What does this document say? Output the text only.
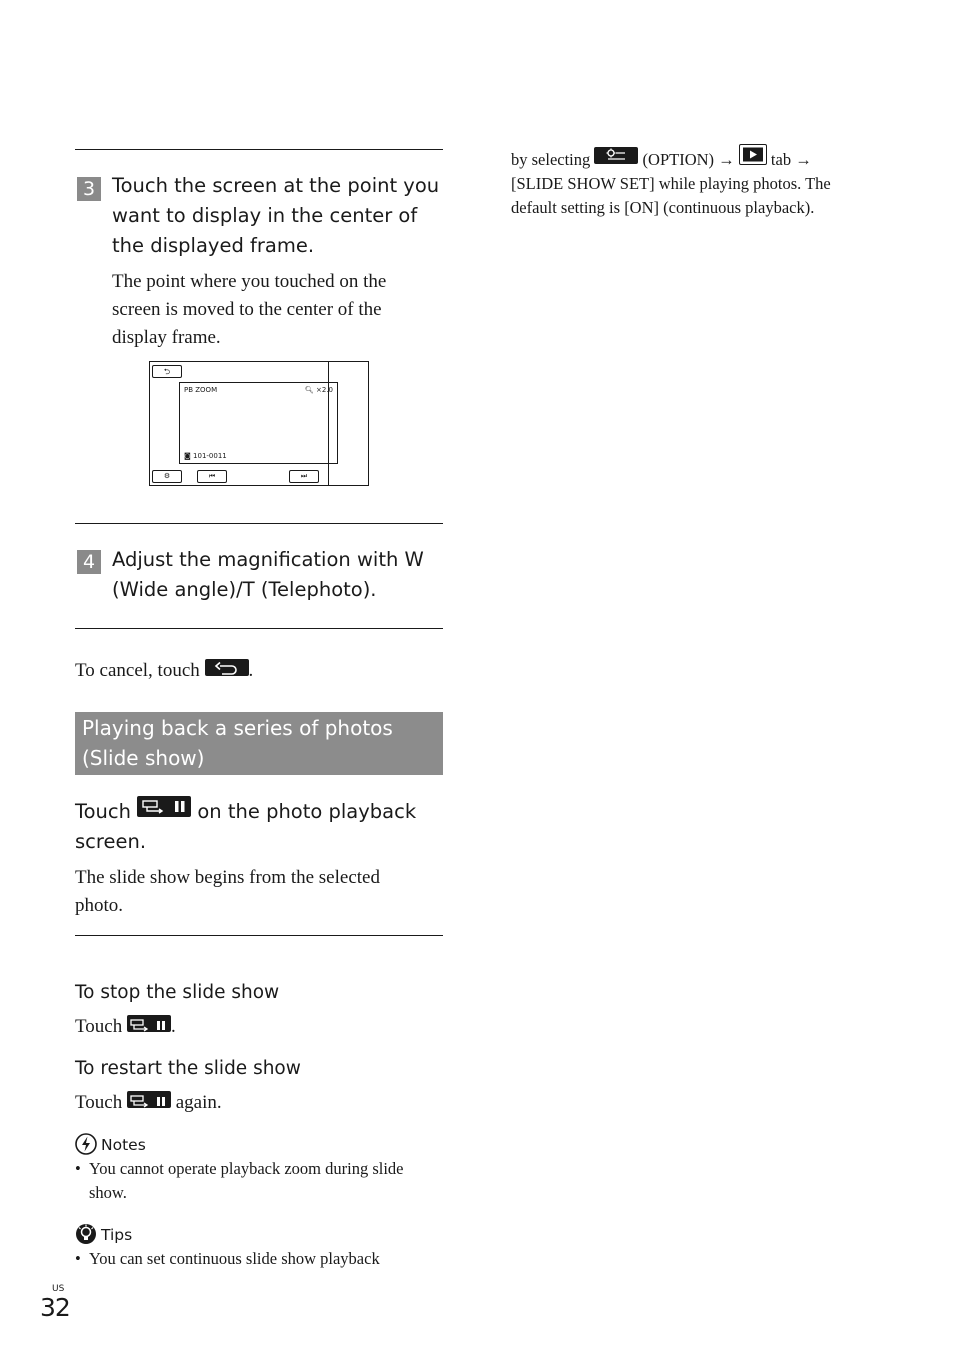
3 Touch the screen at the point you
want to display in the center of
the displayed frame.
The point where you touched on the
screen is moved to the center of the
display frame.
⮌
PB ZOOM	🔍︎ ×2.0
◙ 101-0011
⚙	⏮	⏭
4 Adjust the magnification with W
(Wide angle)/T (Telephoto).
To cancel, touch	.
Playing back a series of photos
(Slide show)
Touch	on the photo playback
screen.
The slide show begins from the selected
photo.
To stop the slide show
Touch	.
To restart the slide show
Touch	again.
Notes
• You cannot operate playback zoom during slide
show.
Tips
• You can set continuous slide show playback
by selecting	(OPTION) → tab →
[SLIDE SHOW SET] while playing photos. The
default setting is [ON] (continuous playback).
US
32
